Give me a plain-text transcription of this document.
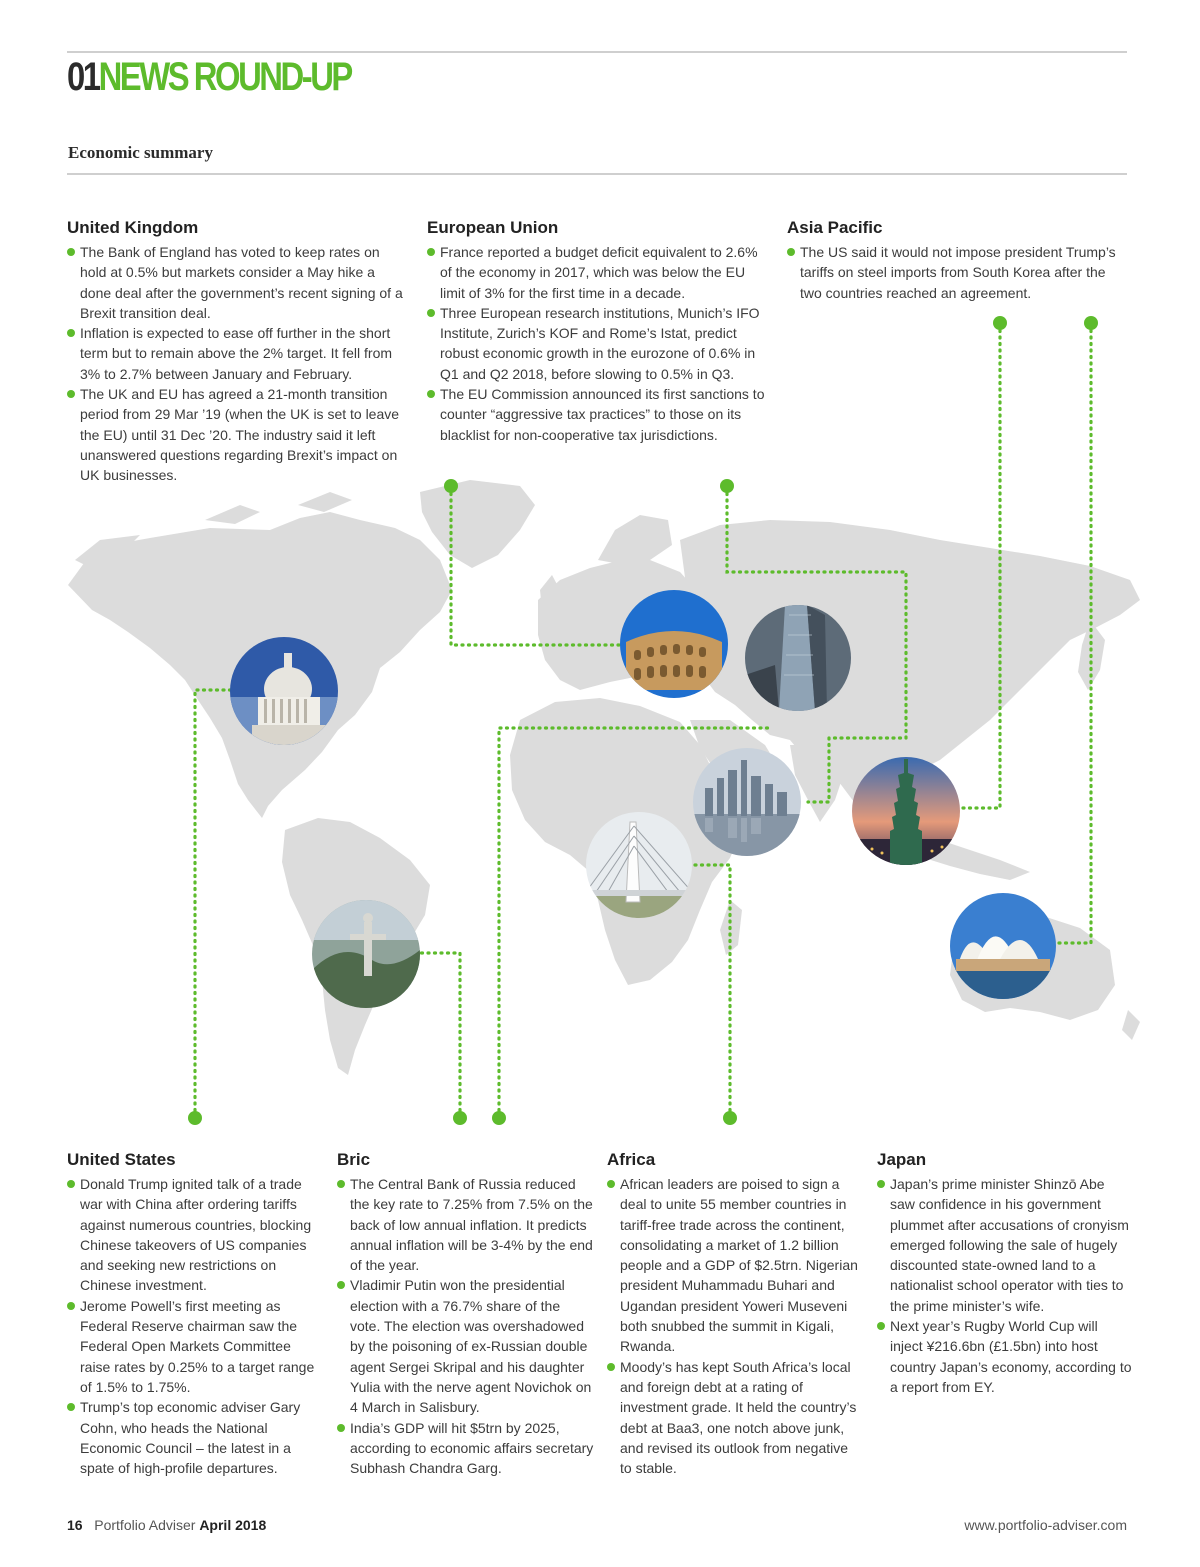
01NEWS ROUND-UP
Economic summary
United Kingdom
The Bank of England has voted to keep rates on hold at 0.5% but markets consider a May hike a done deal after the government’s recent signing of a Brexit transition deal.
Inflation is expected to ease off further in the short term but to remain above the 2% target. It fell from 3% to 2.7% between January and February.
The UK and EU has agreed a 21-month transition period from 29 Mar ’19 (when the UK is set to leave the EU) until 31 Dec ’20. The industry said it left unanswered questions regarding Brexit’s impact on UK businesses.
European Union
France reported a budget deficit equivalent to 2.6% of the economy in 2017, which was below the EU limit of 3% for the first time in a decade.
Three European research institutions, Munich’s IFO Institute, Zurich’s KOF and Rome’s Istat, predict robust economic growth in the eurozone of 0.6% in Q1 and Q2 2018, before slowing to 0.5% in Q3.
The EU Commission announced its first sanctions to counter “aggressive tax practices” to those on its blacklist for non-cooperative tax jurisdictions.
Asia Pacific
The US said it would not impose president Trump’s tariffs on steel imports from South Korea after the two countries reached an agreement.
United States
Donald Trump ignited talk of a trade war with China after ordering tariffs against numerous countries, blocking Chinese takeovers of US companies and seeking new restrictions on Chinese investment.
Jerome Powell’s first meeting as Federal Reserve chairman saw the Federal Open Markets Committee raise rates by 0.25% to a target range of 1.5% to 1.75%.
Trump’s top economic adviser Gary Cohn, who heads the National Economic Council – the latest in a spate of high-profile departures.
Bric
The Central Bank of Russia reduced the key rate to 7.25% from 7.5% on the back of low annual inflation. It predicts annual inflation will be 3-4% by the end of the year.
Vladimir Putin won the presidential election with a 76.7% share of the vote. The election was overshadowed by the poisoning of ex-Russian double agent Sergei Skripal and his daughter Yulia with the nerve agent Novichok on 4 March in Salisbury.
India’s GDP will hit $5trn by 2025, according to economic affairs secretary Subhash Chandra Garg.
Africa
African leaders are poised to sign a deal to unite 55 member countries in tariff-free trade across the continent, consolidating a market of 1.2 billion people and a GDP of $2.5trn. Nigerian president Muhammadu Buhari and Ugandan president Yoweri Museveni both snubbed the summit in Kigali, Rwanda.
Moody’s has kept South Africa’s local and foreign debt at a rating of investment grade. It held the country’s debt at Baa3, one notch above junk, and revised its outlook from negative to stable.
Japan
Japan’s prime minister Shinzō Abe saw confidence in his government plummet after accusations of cronyism emerged following the sale of hugely discounted state-owned land to a nationalist school operator with ties to the prime minister’s wife.
Next year’s Rugby World Cup will inject ¥216.6bn (£1.5bn) into host country Japan’s economy, according to a report from EY.
16 Portfolio Adviser April 2018	www.portfolio-adviser.com
